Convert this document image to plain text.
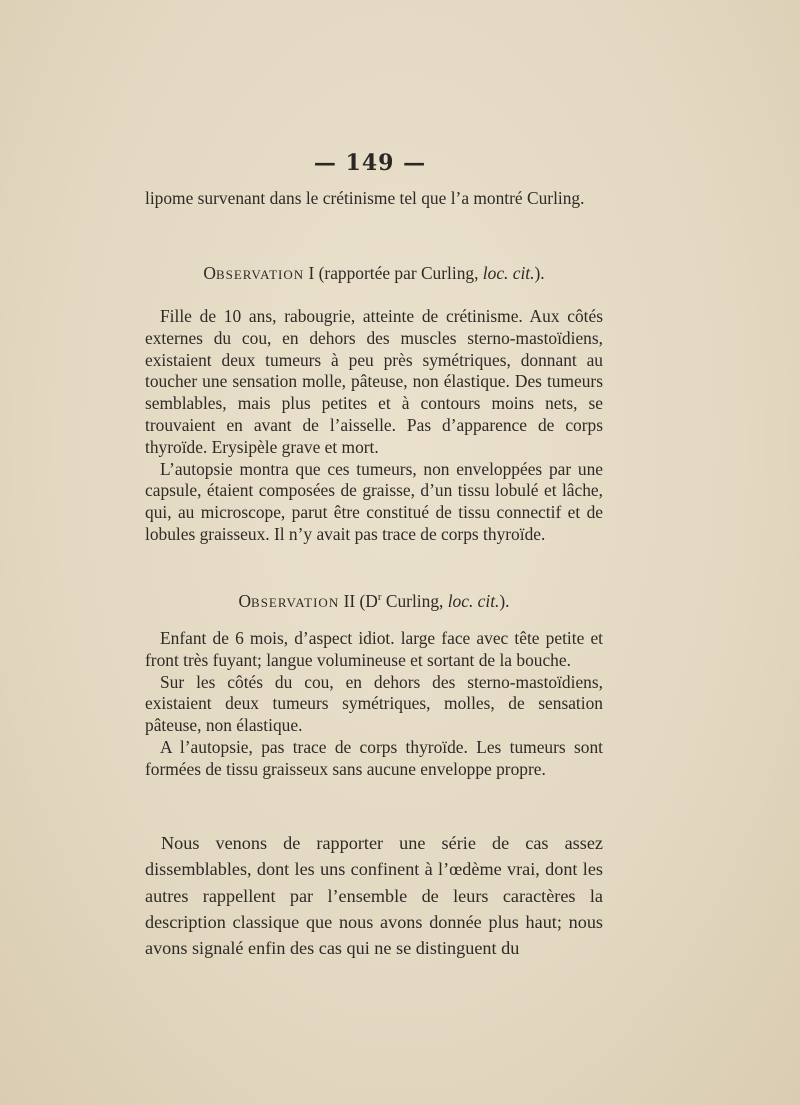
— 149 —

lipome survenant dans le crétinisme tel que l’a montré Curling.

OBSERVATION I (rapportée par Curling, loc. cit.).

Fille de 10 ans, rabougrie, atteinte de crétinisme. Aux côtés externes du cou, en dehors des muscles sterno-mastoïdiens, existaient deux tumeurs à peu près symétriques, donnant au toucher une sensation molle, pâteuse, non élastique. Des tumeurs semblables, mais plus petites et à contours moins nets, se trouvaient en avant de l’aisselle. Pas d’apparence de corps thyroïde. Erysipèle grave et mort.

L’autopsie montra que ces tumeurs, non enveloppées par une capsule, étaient composées de graisse, d’un tissu lobulé et lâche, qui, au microscope, parut être constitué de tissu connectif et de lobules graisseux. Il n’y avait pas trace de corps thyroïde.

OBSERVATION II ($D^r$ Curling, loc. cit.).

Enfant de 6 mois, d’aspect idiot. large face avec tête petite et front très fuyant; langue volumineuse et sortant de la bouche.

Sur les côtés du cou, en dehors des sterno-mastoïdiens, existaient deux tumeurs symétriques, molles, de sensation pâteuse, non élastique.

A l’autopsie, pas trace de corps thyroïde. Les tumeurs sont formées de tissu graisseux sans aucune enveloppe propre.

Nous venons de rapporter une série de cas assez dissemblables, dont les uns confinent à l’œdème vrai, dont les autres rappellent par l’ensemble de leurs caractères la description classique que nous avons donnée plus haut; nous avons signalé enfin des cas qui ne se distinguent du
